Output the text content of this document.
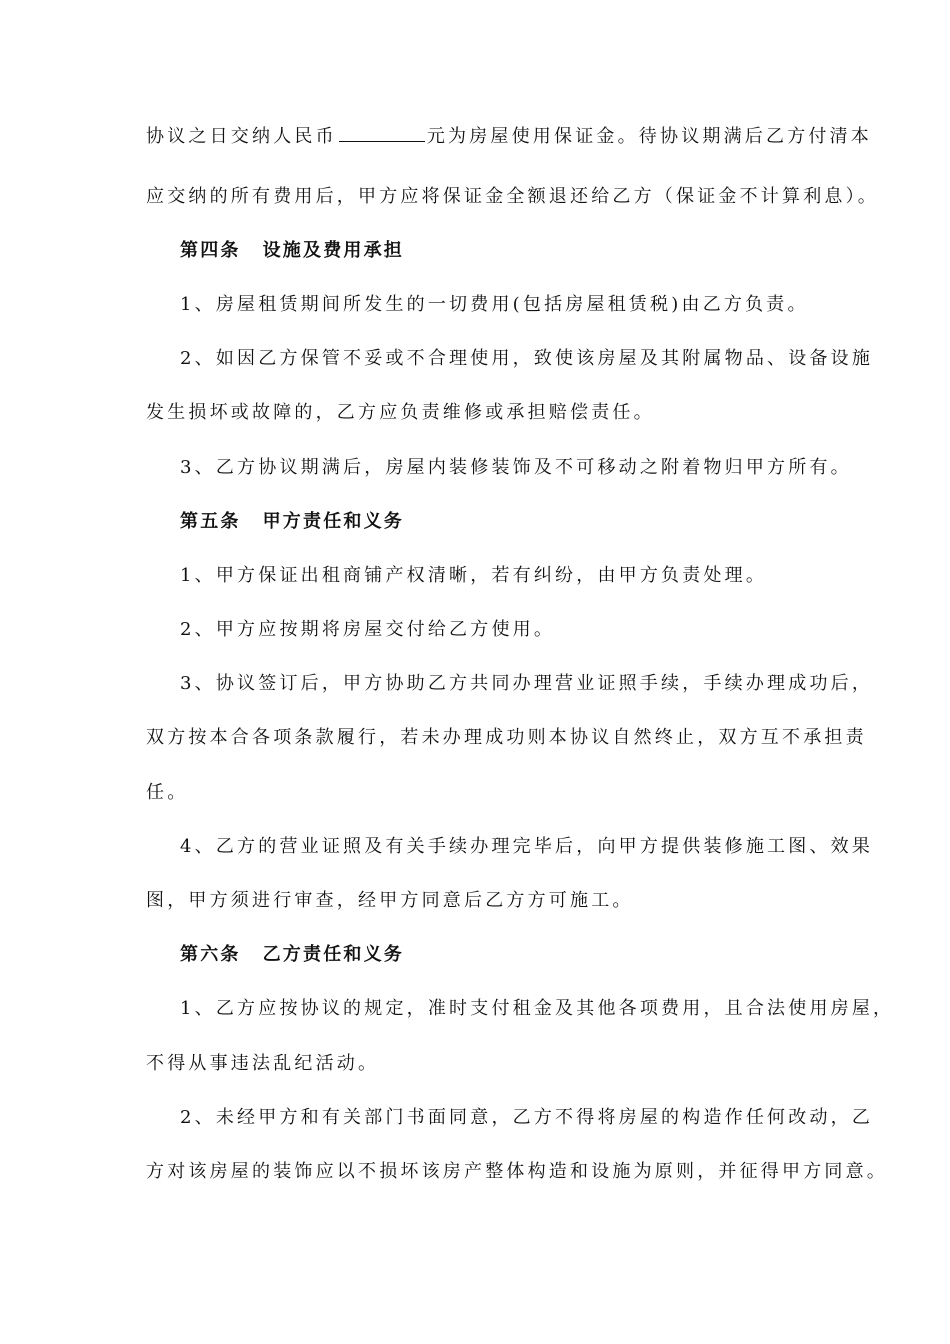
协议之日交纳人民币	元为房屋使用保证金。待协议期满后乙方付清本
应交纳的所有费用后，甲方应将保证金全额退还给乙方（保证金不计算利息）。
第四条 设施及费用承担
1、房屋租赁期间所发生的一切费用(包括房屋租赁税)由乙方负责。
2、如因乙方保管不妥或不合理使用，致使该房屋及其附属物品、设备设施
发生损坏或故障的，乙方应负责维修或承担赔偿责任。
3、乙方协议期满后，房屋内装修装饰及不可移动之附着物归甲方所有。
第五条 甲方责任和义务
1、甲方保证出租商铺产权清晰，若有纠纷，由甲方负责处理。
2、甲方应按期将房屋交付给乙方使用。
3、协议签订后，甲方协助乙方共同办理营业证照手续，手续办理成功后，
双方按本合各项条款履行，若未办理成功则本协议自然终止，双方互不承担责
任。
4、乙方的营业证照及有关手续办理完毕后，向甲方提供装修施工图、效果
图，甲方须进行审查，经甲方同意后乙方方可施工。
第六条 乙方责任和义务
1、乙方应按协议的规定，准时支付租金及其他各项费用，且合法使用房屋，
不得从事违法乱纪活动。
2、未经甲方和有关部门书面同意，乙方不得将房屋的构造作任何改动，乙
方对该房屋的装饰应以不损坏该房产整体构造和设施为原则，并征得甲方同意。
